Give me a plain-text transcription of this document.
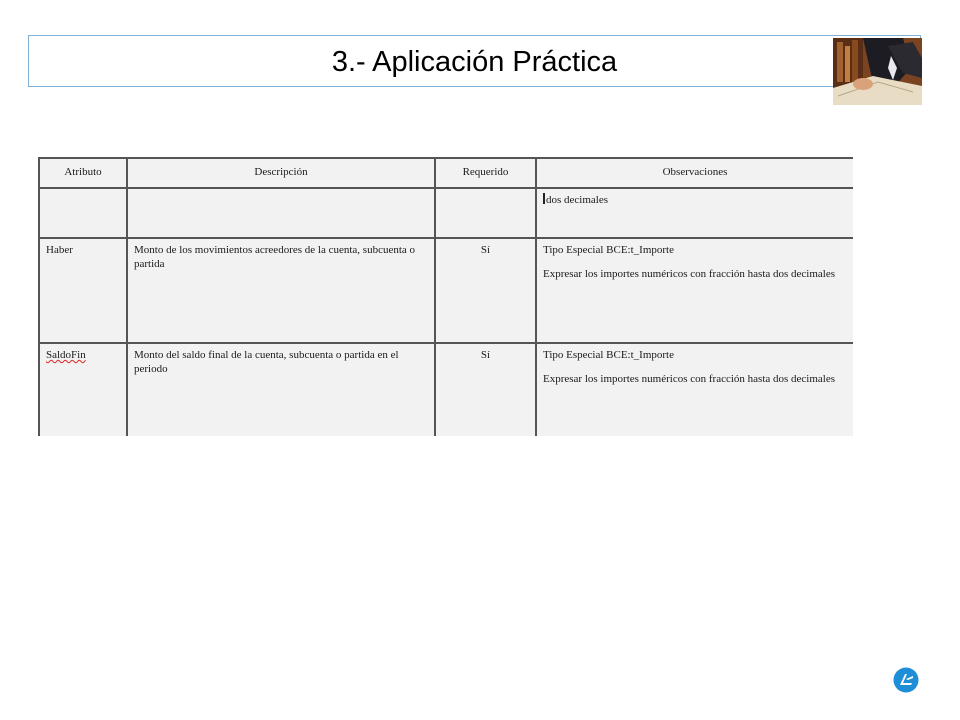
3.- Aplicación Práctica
Atributo	Descripción	Requerido	Observaciones
			dos decimales
Haber	Monto de los movimientos acreedores de la cuenta, subcuenta o partida	Sí	Tipo Especial BCE:t_Importe

Expresar los importes numéricos con fracción hasta dos decimales

SaldoFin	Monto del saldo final de la cuenta, subcuenta o partida en el periodo	Sí	Tipo Especial BCE:t_Importe

Expresar los importes numéricos con fracción hasta dos decimales
